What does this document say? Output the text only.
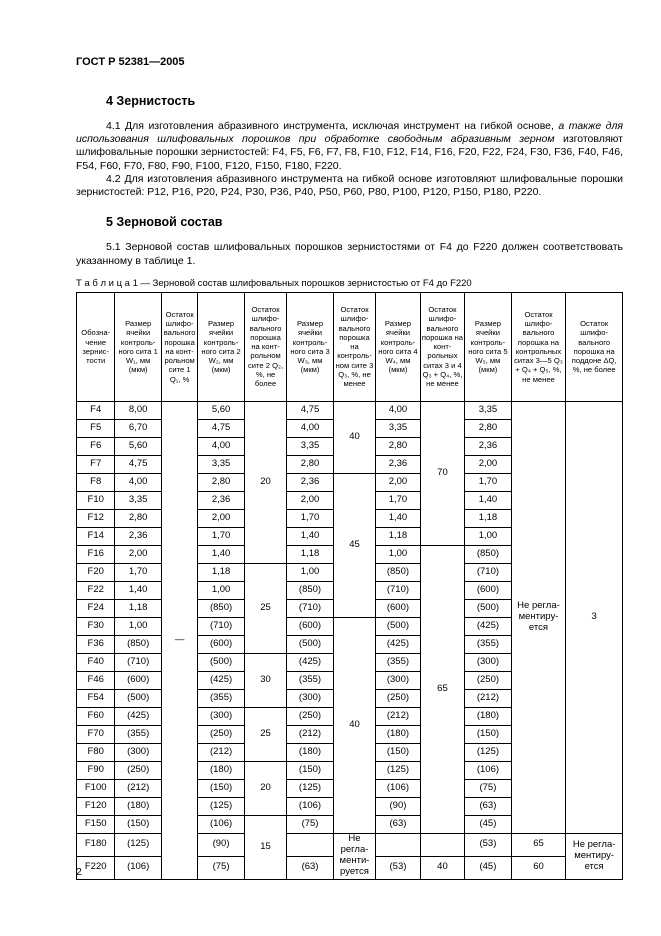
ГОСТ Р 52381—2005
4 Зернистость

4.1 Для изготовления абразивного инструмента, исключая инструмент на гибкой основе, а также для использования шлифовальных порошков при обработке свободным абразивным зерном изготовляют шлифовальные порошки зернистостей: F4, F5, F6, F7, F8, F10, F12, F14, F16, F20, F22, F24, F30, F36, F40, F46, F54, F60, F70, F80, F90, F100, F120, F150, F180, F220.

4.2 Для изготовления абразивного инструмента на гибкой основе изготовляют шлифовальные порошки зернистостей: P12, P16, P20, P24, P30, P36, P40, P50, P60, P80, P100, P120, P150, P180, P220.

5 Зерновой состав

5.1 Зерновой состав шлифовальных порошков зернистостями от F4 до F220 должен соответствовать указанному в таблице 1.

Т а б л и ц а 1 — Зерновой состав шлифовальных порошков зернистостью от F4 до F220
Обозначение зернистости	Размер ячейки контрольного сита 1 W₁, мм (мкм)	Остаток шлифовального порошка на контрольном сите 1 Q₁, %	Размер ячейки контрольного сита 2 W₂, мм (мкм)	Остаток шлифовального порошка на контрольном сите 2 Q₂, %, не более	Размер ячейки контрольного сита 3 W₃, мм (мкм)	Остаток шлифовального порошка на контрольном сите 3 Q₃, %, не менее	Размер ячейки контрольного сита 4 W₄, мм (мкм)	Остаток шлифовального порошка на контрольных ситах 3 и 4 Q₃ + Q₄, %, не менее	Размер ячейки контрольного сита 5 W₅, мм (мкм)	Остаток шлифовального порошка на контрольных ситах 3—5 Q₃ + Q₄ + Q₅, %, не менее	Остаток шлифовального порошка на поддоне ΔQ, %, не более
F4	8,00	—	5,60	20	4,75	40	4,00	70	3,35	Не регламентируется	3
F5	6,70		4,75		4,00		3,35		2,80		
F6	5,60		4,00		3,35		2,80		2,36		
F7	4,75		3,35		2,80		2,36		2,00		
F8	4,00		2,80		2,36	45	2,00		1,70		
F10	3,35		2,36		2,00		1,70		1,40		
F12	2,80		2,00		1,70		1,40		1,18		
F14	2,36		1,70		1,40		1,18		1,00		
F16	2,00		1,40		1,18		1,00	65	(850)		
F20	1,70		1,18	25	1,00		(850)		(710)		
F22	1,40		1,00		(850)		(710)		(600)		
F24	1,18		(850)		(710)		(600)		(500)		
F30	1,00		(710)		(600)	40	(500)		(425)		
F36	(850)		(600)		(500)		(425)		(355)		
F40	(710)		(500)	30	(425)		(355)		(300)		
F46	(600)		(425)		(355)		(300)		(250)		
F54	(500)		(355)		(300)		(250)		(212)		
F60	(425)		(300)	25	(250)		(212)		(180)		
F70	(355)		(250)		(212)		(180)		(150)		
F80	(300)		(212)		(180)		(150)		(125)		
F90	(250)		(180)	20	(150)		(125)		(106)		
F100	(212)		(150)		(125)		(106)		(75)		
F120	(180)		(125)		(106)		(90)		(63)		
F150	(150)		(106)	15	(75)		(63)		(45)		
F180	(125)		(90)			Не регламентируется			(53)	65	Не регламентируется
F220	(106)		(75)		(63)		(53)	40	(45)	60	
2
